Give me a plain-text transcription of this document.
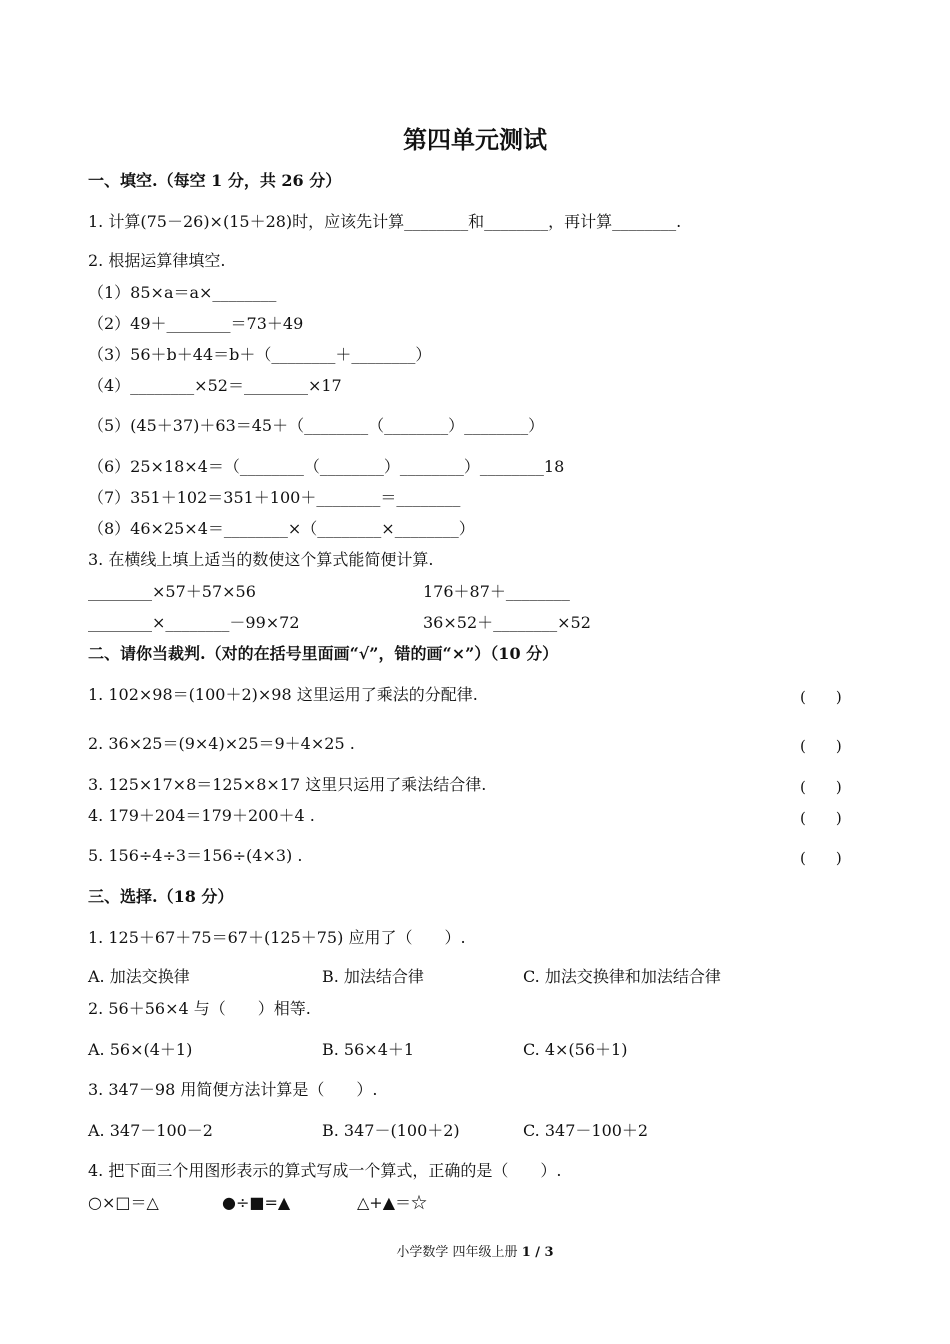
第四单元测试
一、填空.（每空 1 分，共 26 分）
1. 计算(75－26)×(15＋28)时，应该先计算________和________，再计算________.
2. 根据运算律填空.
（1）85×a＝a×________
（2）49＋________＝73＋49
（3）56＋b＋44＝b＋（________＋________）
（4）________×52＝________×17
（5）(45＋37)＋63＝45＋（________（________）________）
（6）25×18×4＝（________（________）________）________18
（7）351＋102＝351＋100＋________＝________
（8）46×25×4＝________×（________×________）
3. 在横线上填上适当的数使这个算式能简便计算.
________×57＋57×56	176＋87＋________
________×________－99×72	36×52＋________×52
二、请你当裁判.（对的在括号里面画“√”，错的画“×”）（10 分）
1. 102×98＝(100＋2)×98 这里运用了乘法的分配律.	(　　)
2. 36×25＝(9×4)×25＝9＋4×25 .	(　　)
3. 125×17×8＝125×8×17 这里只运用了乘法结合律.	(　　)
4. 179＋204＝179＋200＋4 .	(　　)
5. 156÷4÷3＝156÷(4×3) .	(　　)
三、选择.（18 分）
1. 125＋67＋75＝67＋(125＋75) 应用了（　　）.
A. 加法交换律	B. 加法结合律	C. 加法交换律和加法结合律
2. 56＋56×4 与（　　）相等.
A. 56×(4＋1)	B. 56×4＋1	C. 4×(56＋1)
3. 347－98 用简便方法计算是（　　）.
A. 347－100－2	B. 347－(100＋2)	C. 347－100＋2
4. 把下面三个用图形表示的算式写成一个算式，正确的是（　　）.
○×□＝△	●÷■=▲	△+▲＝☆
小学数学 四年级上册 1 / 3
